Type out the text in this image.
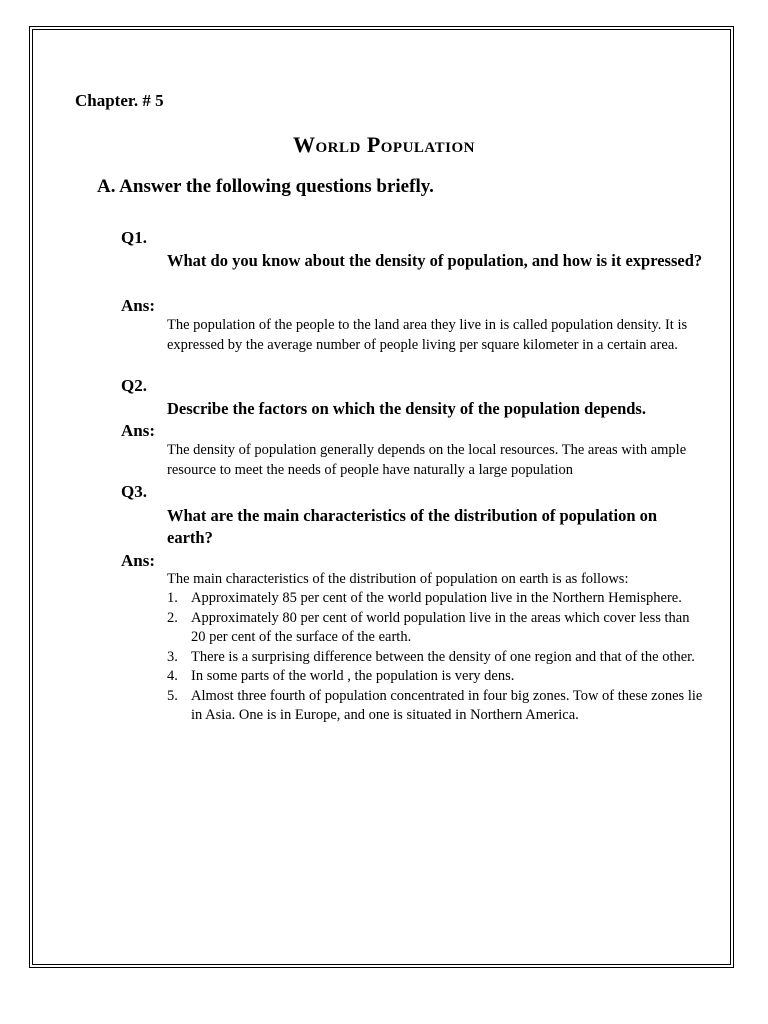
Chapter. # 5
World Population
A. Answer the following questions briefly.
Q1.
What do you know about the density of population, and how is it expressed?
Ans:
The population of the people to the land area they live in is called population density. It is expressed by the average number of people living per square kilometer in a certain area.
Q2.
Describe the factors on which the density of the population depends.
Ans:
The density of population generally depends on the local resources. The areas with ample resource to meet the needs of people have naturally a large population
Q3.
What are the main characteristics of the distribution of population on earth?
Ans:
The main characteristics of the distribution of population on earth is as follows:
1. Approximately 85 per cent of the world population live in the Northern Hemisphere.
2. Approximately 80 per cent of world population live in the areas which cover less than 20 per cent of the surface of the earth.
3. There is a surprising difference between the density of one region and that of the other.
4. In some parts of the world , the population is very dens.
5. Almost three fourth of population concentrated in four big zones. Tow of these zones lie in Asia. One is in Europe, and one is situated in Northern America.
